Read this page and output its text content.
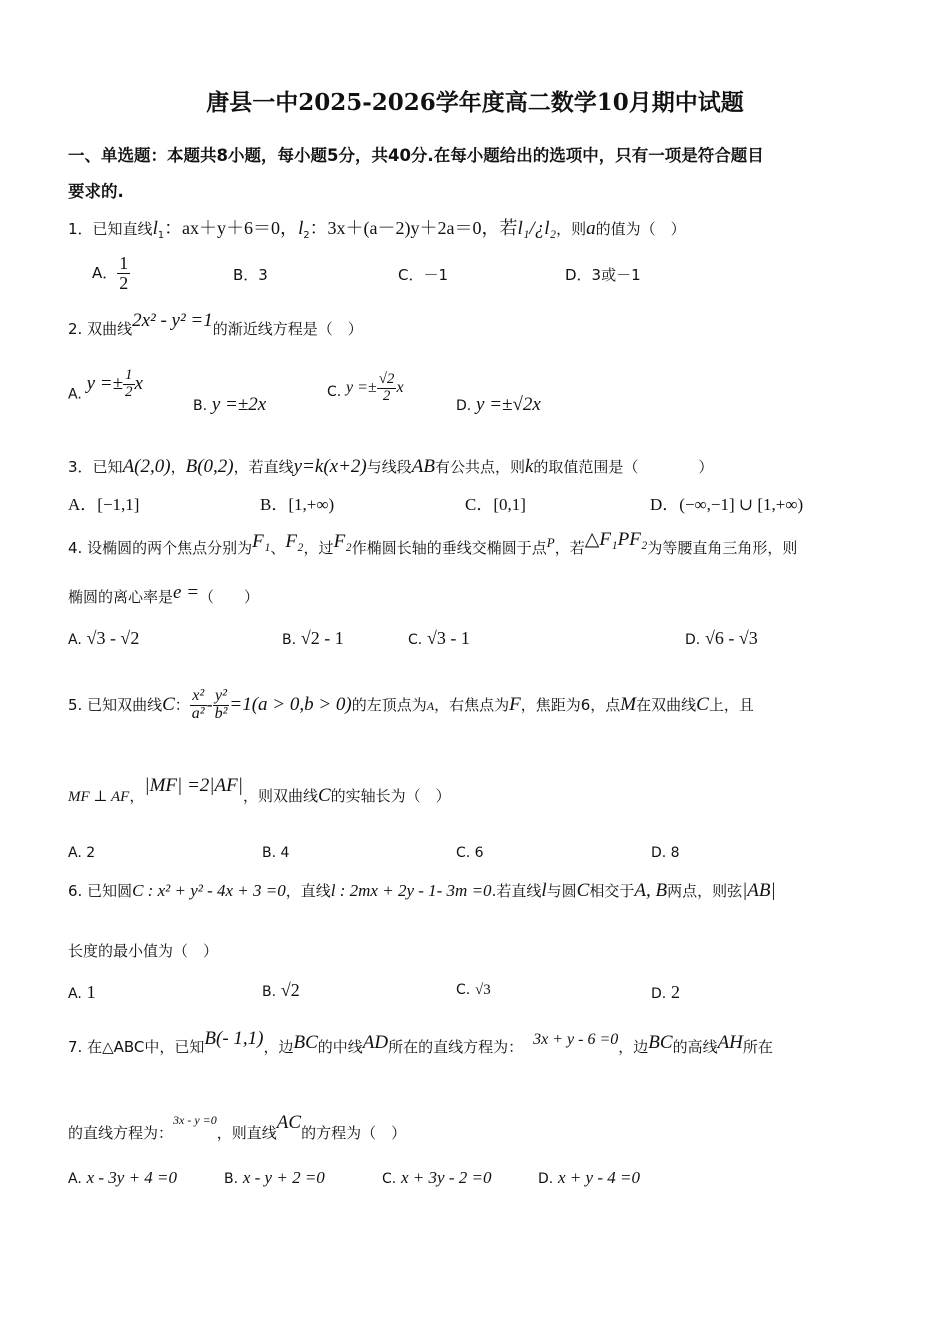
唐县一中2025-2026学年度高二数学10月期中试题
一、单选题：本题共8小题，每小题5分，共40分.在每小题给出的选项中，只有一项是符合题目
要求的.
1．已知直线$l_1$：ax＋y＋6＝0，$l_2$：3x＋(a－2)y＋2a＝0，若l₁/¿l₂，则a的值为（　）
A． $\frac{1}{2}$	B．3	C．－1	D．3或－1
2. 双曲线2x² - y² =1的渐近线方程是（　）
A. $y =\pm \frac{1}{2}$ x
B. y =±2x
C. $y =\pm \frac{√2}{2}$ x
D. y =±√2x
3．已知A(2,0)，B(0,2)，若直线y=k(x+2)与线段AB有公共点，则k的取值范围是（　　　　）
A．[−1,1]	B．[1,+∞)	C．[0,1]	D．(−∞,−1] ∪ [1,+∞)
4. 设椭圆的两个焦点分别为F₁、F₂，过F₂作椭圆长轴的垂线交椭圆于点P，若△F₁PF₂为等腰直角三角形，则
椭圆的离心率是e =（　　）
A. √3 - √2	B. √2 - 1	C. √3 - 1	D. √6 - √3
5. 已知双曲线C： $\frac{\text{x²}}{\text{a²}} - \frac{\text{y²}}{\text{b²}} =1(a > 0,b > 0)$的左顶点为A，右焦点为F，焦距为6，点M在双曲线C上，且
MF ⊥ AF，|MF| =2|AF|，则双曲线C的实轴长为（　）
A. 2	B. 4	C. 6	D. 8
6. 已知圆C : x² + y² - 4x + 3 =0，直线l : 2mx + 2y - 1- 3m =0.若直线l与圆C相交于A, B两点，则弦|AB|
长度的最小值为（　）
A. 1	B. √2	C. √3	D. 2
7. 在△ABC中，已知B(- 1,1)，边BC的中线AD所在的直线方程为： 3x + y - 6 =0，边BC的高线AH所在
的直线方程为：$^{3x - y =0}$，则直线AC的方程为（　）
A. x - 3y + 4 =0	B. x - y + 2 =0	C. x + 3y - 2 =0	D. x + y - 4 =0
